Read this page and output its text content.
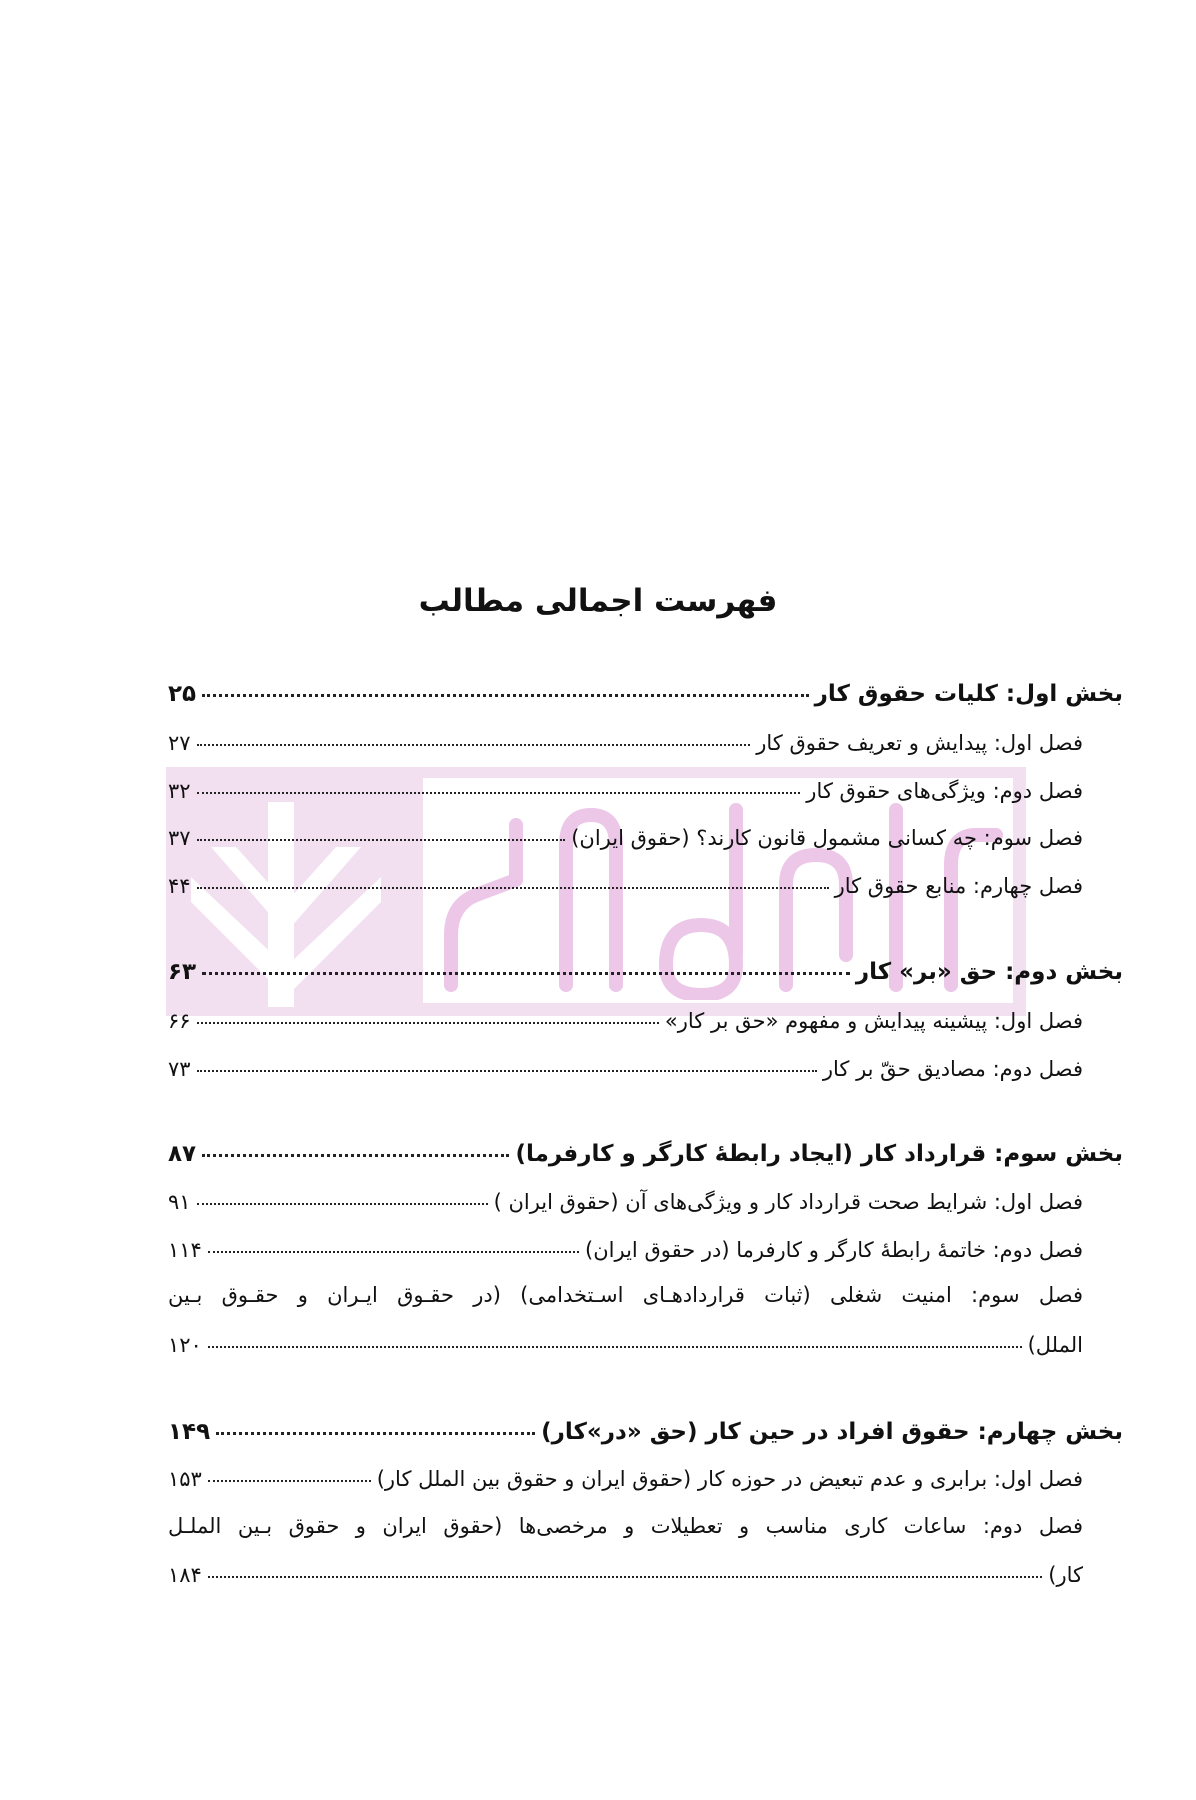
فهرست اجمالی مطالب
بخش اول: کلیات حقوق کار
۲۵
فصل اول: پیدایش و تعریف حقوق کار
۲۷
فصل دوم: ویژگی‌های حقوق کار
۳۲
فصل سوم: چه کسانی مشمول قانون کارند؟ (حقوق ایران)
۳۷
فصل چهارم: منابع حقوق کار
۴۴
بخش دوم: حق «بر» کار
۶۳
فصل اول: پیشینه پیدایش و مفهوم «حق بر کار»
۶۶
فصل دوم: مصادیق حقّ بر کار
۷۳
بخش سوم: قرارداد کار (ایجاد رابطهٔ کارگر و کارفرما)
۸۷
فصل اول: شرایط صحت قرارداد کار و ویژگی‌های آن (حقوق ایران )
۹۱
فصل دوم: خاتمهٔ رابطهٔ کارگر و کارفرما (در حقوق ایران)
۱۱۴
فصل سوم: امنیت شغلی (ثبات قراردادهـای اسـتخدامی) (در حقـوق ایـران و حقـوق بـین
الملل)
۱۲۰
بخش چهارم: حقوق افراد در حین کار (حق «در»کار)
۱۴۹
فصل اول: برابری و عدم تبعیض در حوزه کار (حقوق ایران و حقوق بین الملل کار)
۱۵۳
فصل دوم: ساعات کاری مناسب و تعطیلات و مرخصی‌ها (حقوق ایران و حقوق بـین الملـل
کار)
۱۸۴
